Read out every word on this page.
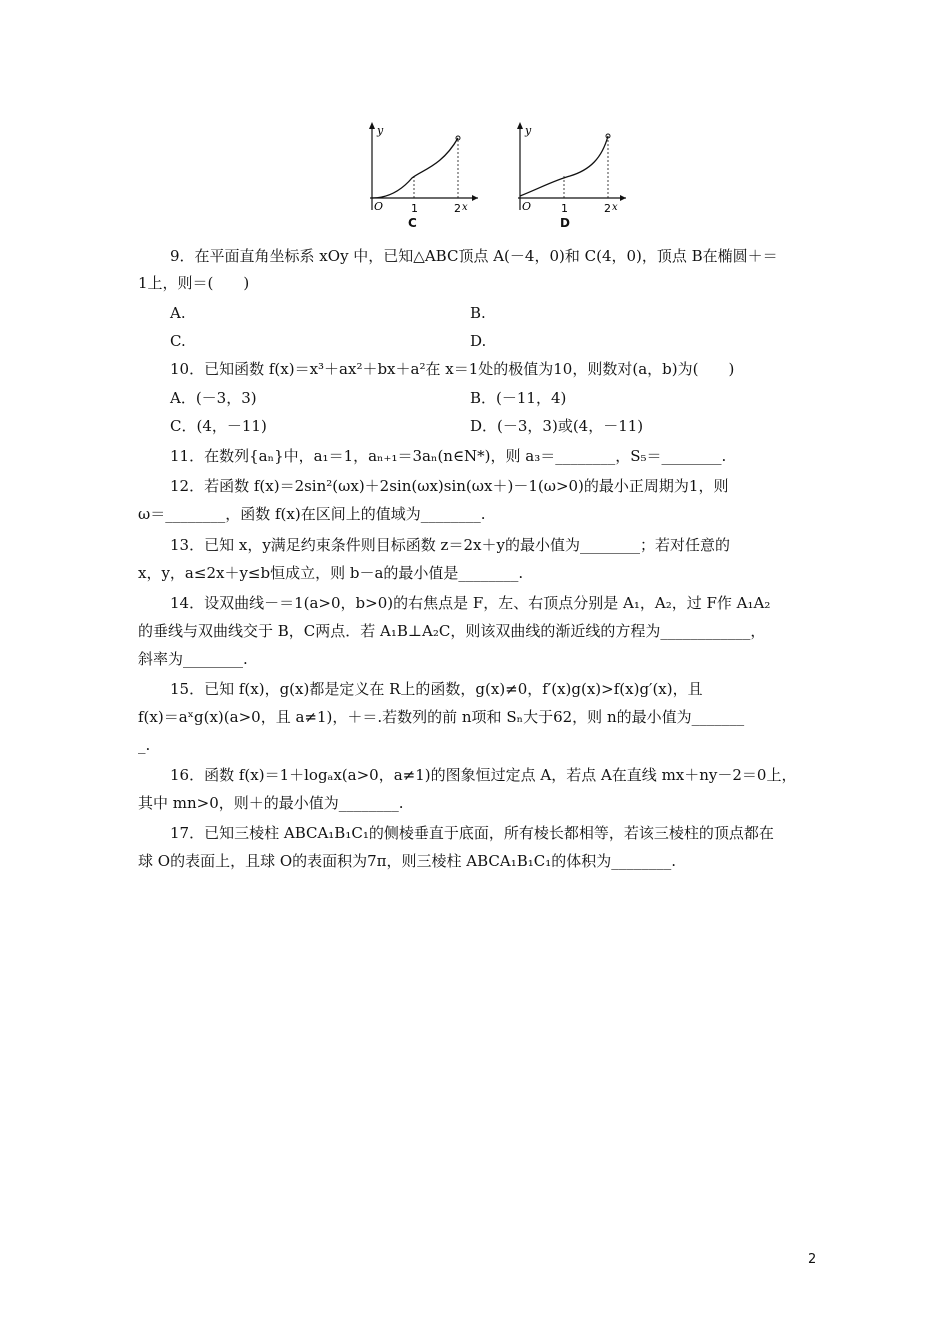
y
O	1	2 x
C
y
O	1	2 x
D
9．在平面直角坐标系 xOy 中，已知△ABC顶点 A(－4，0)和 C(4，0)，顶点 B在椭圆＋＝
1上，则＝(　　)
A.	B.
C.	D.
10．已知函数 f(x)＝x³＋ax²＋bx＋a²在 x＝1处的极值为10，则数对(a，b)为(　　)
A．(－3，3)	B．(－11，4)
C．(4，－11)	D．(－3，3)或(4，－11)
11．在数列{aₙ}中，a₁＝1，aₙ₊₁＝3aₙ(n∈N*)，则 a₃＝________，S₅＝________.
12．若函数 f(x)＝2sin²(ωx)＋2sin(ωx)sin(ωx＋)－1(ω>0)的最小正周期为1，则
ω＝________，函数 f(x)在区间上的值域为________.
13．已知 x，y满足约束条件则目标函数 z＝2x＋y的最小值为________；若对任意的
x，y，a≤2x＋y≤b恒成立，则 b－a的最小值是________.
14．设双曲线－＝1(a>0，b>0)的右焦点是 F，左、右顶点分别是 A₁，A₂，过 F作 A₁A₂
的垂线与双曲线交于 B，C两点．若 A₁B⊥A₂C，则该双曲线的渐近线的方程为____________，
斜率为________.
15．已知 f(x)，g(x)都是定义在 R上的函数，g(x)≠0，f′(x)g(x)>f(x)g′(x)，且
f(x)＝aˣg(x)(a>0，且 a≠1)，＋＝.若数列的前 n项和 Sₙ大于62，则 n的最小值为_______
_.
16．函数 f(x)＝1＋logₐx(a>0，a≠1)的图象恒过定点 A，若点 A在直线 mx＋ny－2＝0上，
其中 mn>0，则＋的最小值为________.
17．已知三棱柱 ABCA₁B₁C₁的侧棱垂直于底面，所有棱长都相等，若该三棱柱的顶点都在
球 O的表面上，且球 O的表面积为7π，则三棱柱 ABCA₁B₁C₁的体积为________.
2
